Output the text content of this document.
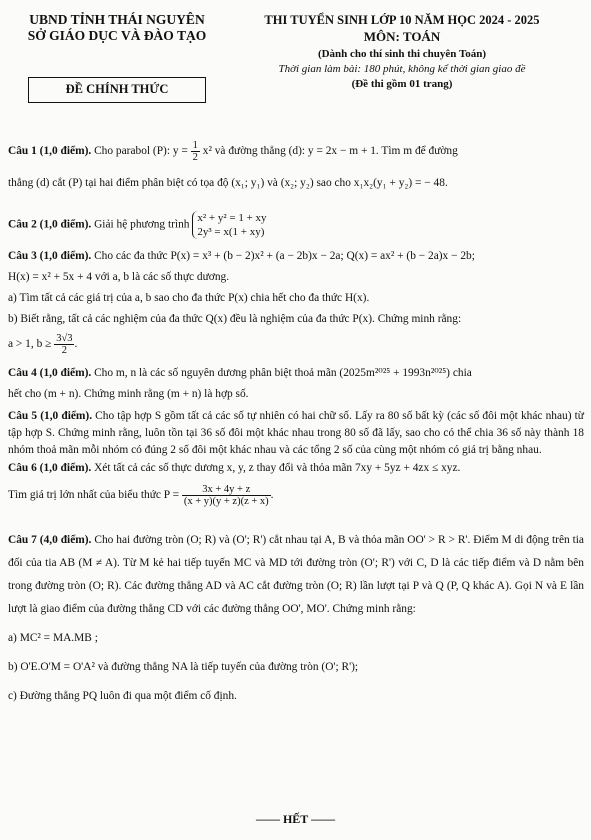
UBND TỈNH THÁI NGUYÊN
SỞ GIÁO DỤC VÀ ĐÀO TẠO
ĐỀ CHÍNH THỨC
THI TUYỂN SINH LỚP 10 NĂM HỌC 2024 - 2025
MÔN: TOÁN
(Dành cho thí sinh thi chuyên Toán)
Thời gian làm bài: 180 phút, không kể thời gian giao đề
(Đề thi gồm 01 trang)
Câu 1 (1,0 điểm). Cho parabol (P): $y = \frac{1}{2} x^2$ và đường thẳng (d): y = 2x − m + 1. Tìm m để đường
thẳng (d) cắt (P) tại hai điểm phân biệt có tọa độ (x₁; y₁) và (x₂; y₂) sao cho x₁x₂(y₁ + y₂) = − 48.
Câu 2 (1,0 điểm). Giải hệ phương trình
x² + y² = 1 + xy
2y³ = x(1 + xy)
Câu 3 (1,0 điểm). Cho các đa thức P(x) = x³ + (b − 2)x² + (a − 2b)x − 2a; Q(x) = ax² + (b − 2a)x − 2b;
H(x) = x² + 5x + 4 với a, b là các số thực dương.
a) Tìm tất cả các giá trị của a, b sao cho đa thức P(x) chia hết cho đa thức H(x).
b) Biết rằng, tất cả các nghiệm của đa thức Q(x) đều là nghiệm của đa thức P(x). Chứng minh rằng:
a > 1, $b \ge \frac{3√3}{2}$ .
Câu 4 (1,0 điểm). Cho m, n là các số nguyên dương phân biệt thoả mãn (2025m²⁰²⁵ + 1993n²⁰²⁵) chia
hết cho (m + n). Chứng minh rằng (m + n) là hợp số.
Câu 5 (1,0 điểm). Cho tập hợp S gồm tất cả các số tự nhiên có hai chữ số. Lấy ra 80 số bất kỳ (các số đôi một khác nhau) từ tập hợp S. Chứng minh rằng, luôn tồn tại 36 số đôi một khác nhau trong 80 số đã lấy, sao cho có thể chia 36 số này thành 18 nhóm thoả mãn mỗi nhóm có đúng 2 số đôi một khác nhau và các tổng 2 số của cùng một nhóm có giá trị bằng nhau.
Câu 6 (1,0 điểm). Xét tất cả các số thực dương x, y, z thay đổi và thỏa mãn 7xy + 5yz + 4zx ≤ xyz.
Tìm giá trị lớn nhất của biểu thức $P = \frac{3x + 4y + z}{(x + y)(y + z)(z + x)}$ .
Câu 7 (4,0 điểm). Cho hai đường tròn (O; R) và (O'; R') cắt nhau tại A, B và thỏa mãn OO' > R > R'. Điểm M di động trên tia đối của tia AB (M ≠ A). Từ M kẻ hai tiếp tuyến MC và MD tới đường tròn (O'; R') với C, D là các tiếp điểm và D nằm bên trong đường tròn (O; R). Các đường thẳng AD và AC cắt đường tròn (O; R) lần lượt tại P và Q (P, Q khác A). Gọi N và E lần lượt là giao điểm của đường thẳng CD với các đường thẳng OO', MO'. Chứng minh rằng:
a) MC² = MA.MB ;
b) O'E.O'M = O'A² và đường thẳng NA là tiếp tuyến của đường tròn (O'; R');
c) Đường thẳng PQ luôn đi qua một điểm cố định.
—— HẾT ——
